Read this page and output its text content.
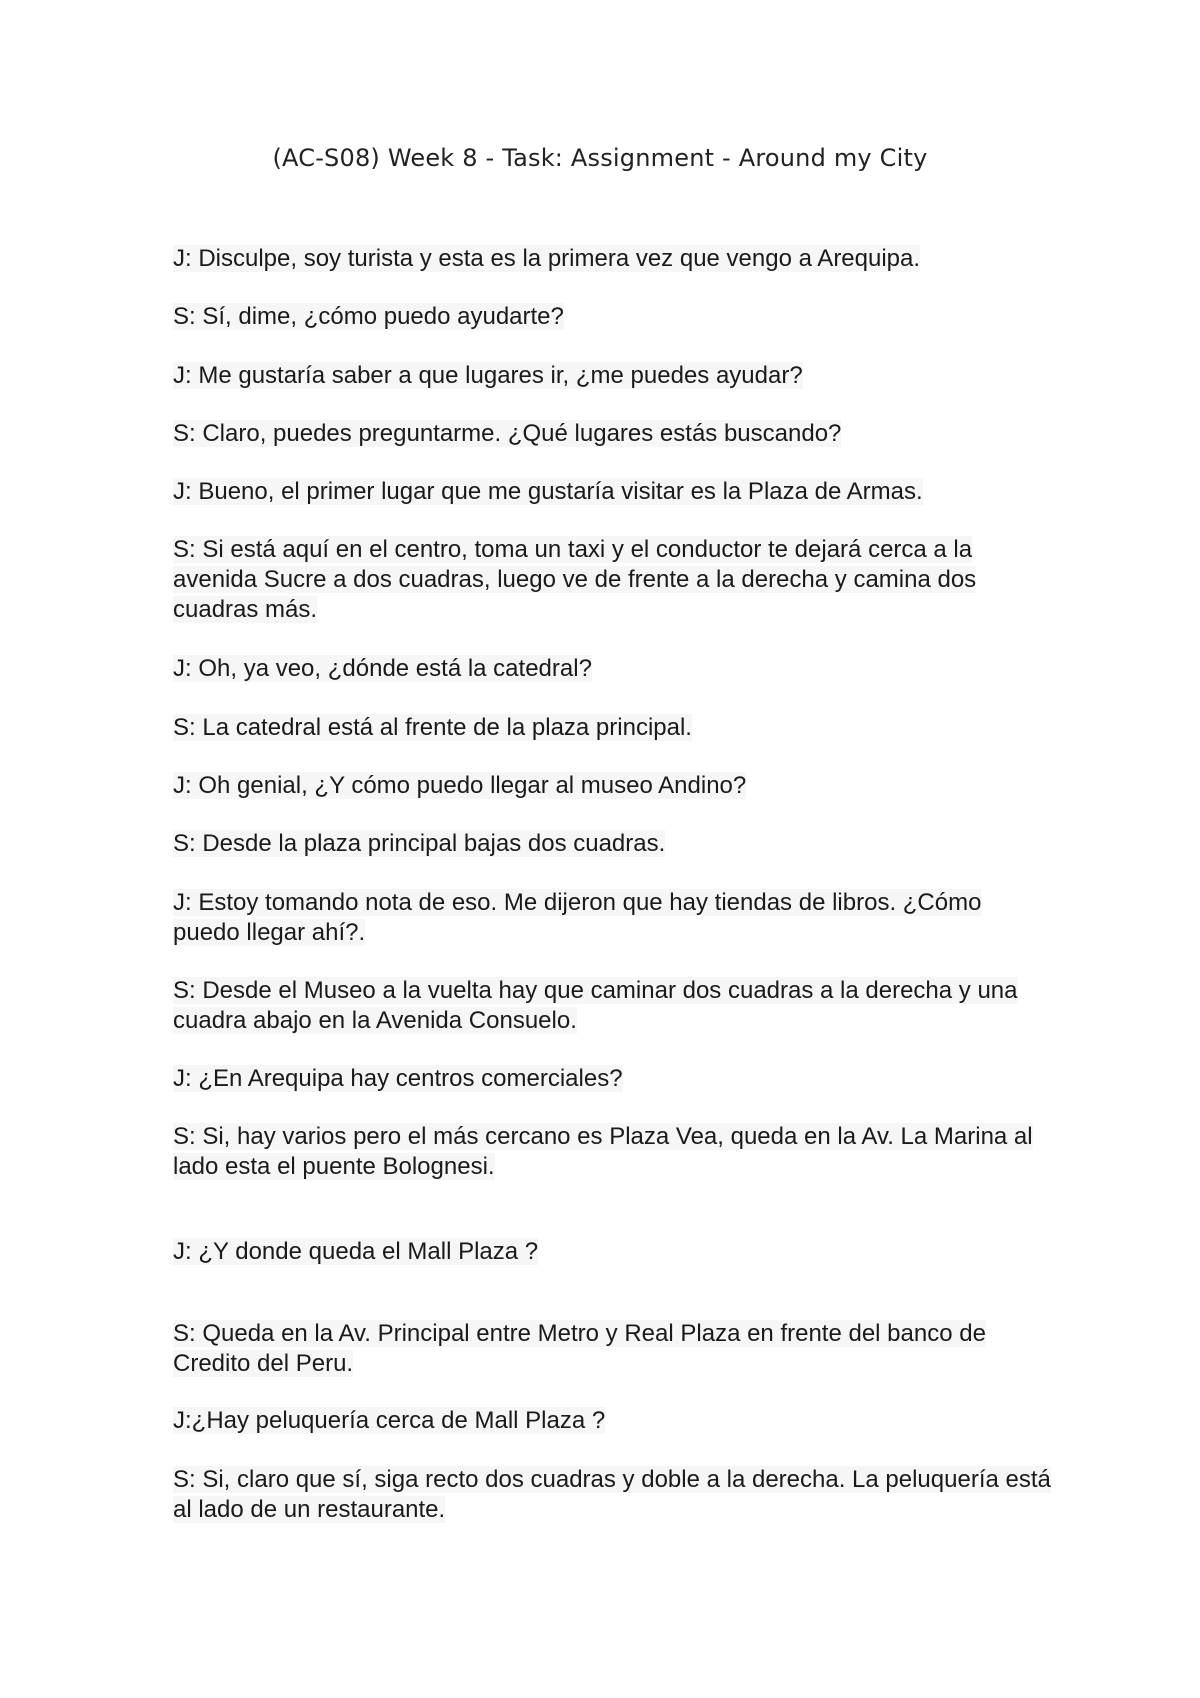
(AC-S08) Week 8 - Task: Assignment - Around my City
J: Disculpe, soy turista y esta es la primera vez que vengo a Arequipa.
S: Sí, dime, ¿cómo puedo ayudarte?
J: Me gustaría saber a que lugares ir, ¿me puedes ayudar?
S: Claro, puedes preguntarme. ¿Qué lugares estás buscando?
J: Bueno, el primer lugar que me gustaría visitar es la Plaza de Armas.
S: Si está aquí en el centro, toma un taxi y el conductor te dejará cerca a la avenida Sucre a dos cuadras, luego ve de frente a la derecha y camina dos cuadras más.
J: Oh, ya veo, ¿dónde está la catedral?
S: La catedral está al frente de la plaza principal.
J: Oh genial, ¿Y cómo puedo llegar al museo Andino?
S: Desde la plaza principal bajas dos cuadras.
J: Estoy tomando nota de eso. Me dijeron que hay tiendas de libros. ¿Cómo puedo llegar ahí?.
S: Desde el Museo a la vuelta hay que caminar dos cuadras a la derecha y una cuadra abajo en la Avenida Consuelo.
J: ¿En Arequipa hay centros comerciales?
S: Si, hay varios pero el más cercano es Plaza Vea, queda en la Av. La Marina al lado esta el puente Bolognesi.
J: ¿Y donde queda el Mall Plaza ?
S: Queda en la Av. Principal entre Metro y Real Plaza en frente del banco de Credito del Peru.
J:¿Hay peluquería cerca de Mall Plaza ?
S: Si, claro que sí, siga recto dos cuadras y doble a la derecha. La peluquería está al lado de un restaurante.
